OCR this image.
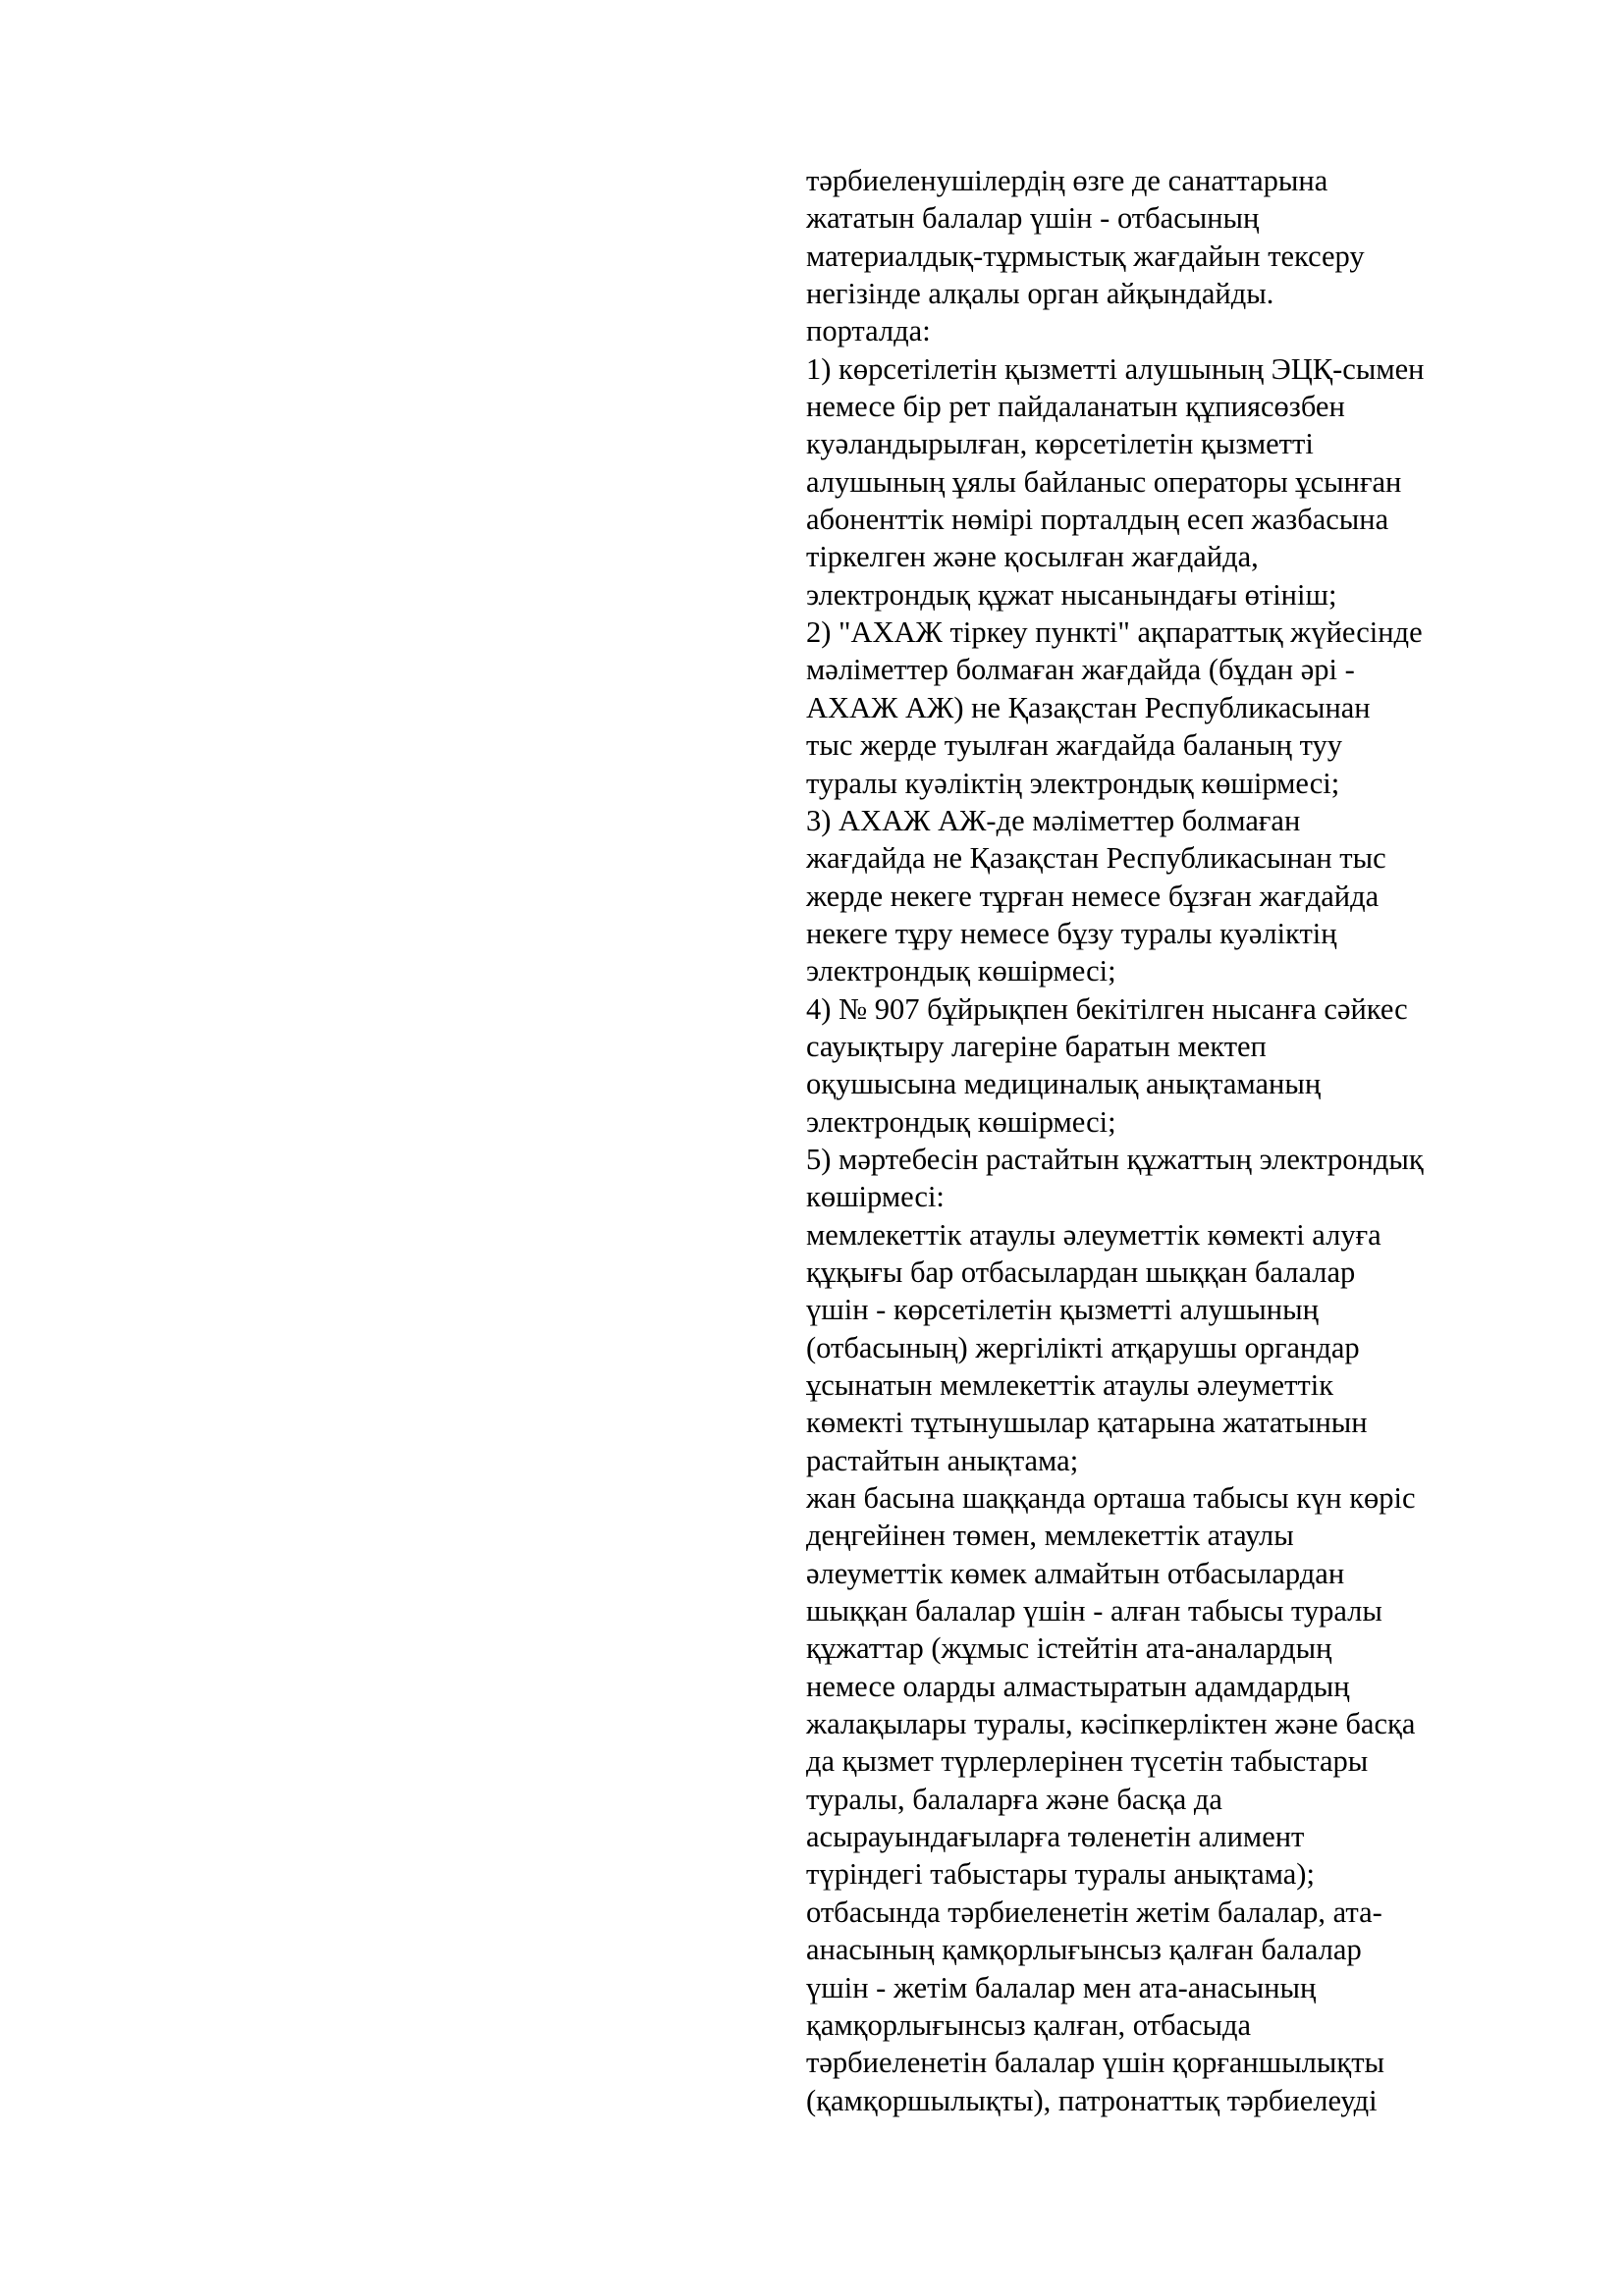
тәрбиеленушілердің өзге де санаттарына
жататын балалар үшін - отбасының
материалдық-тұрмыстық жағдайын тексеру
негізінде алқалы орган айқындайды.
порталда:
1) көрсетілетін қызметті алушының ЭЦҚ-сымен
немесе бір рет пайдаланатын құпиясөзбен
куәландырылған, көрсетілетін қызметті
алушының ұялы байланыс операторы ұсынған
абоненттік нөмірі порталдың есеп жазбасына
тіркелген және қосылған жағдайда,
электрондық құжат нысанындағы өтініш;
2) "АХАЖ тіркеу пункті" ақпараттық жүйесінде
мәліметтер болмаған жағдайда (бұдан әрі -
АХАЖ АЖ) не Қазақстан Республикасынан
тыс жерде туылған жағдайда баланың туу
туралы куәліктің электрондық көшірмесі;
3) АХАЖ АЖ-де мәліметтер болмаған
жағдайда не Қазақстан Республикасынан тыс
жерде некеге тұрған немесе бұзған жағдайда
некеге тұру немесе бұзу туралы куәліктің
электрондық көшірмесі;
4) № 907 бұйрықпен бекітілген нысанға сәйкес
сауықтыру лагеріне баратын мектеп
оқушысына медициналық анықтаманың
электрондық көшірмесі;
5) мәртебесін растайтын құжаттың электрондық
көшірмесі:
мемлекеттік атаулы әлеуметтік көмекті алуға
құқығы бар отбасылардан шыққан балалар
үшін - көрсетілетін қызметті алушының
(отбасының) жергілікті атқарушы органдар
ұсынатын мемлекеттік атаулы әлеуметтік
көмекті тұтынушылар қатарына жататынын
растайтын анықтама;
жан басына шаққанда орташа табысы күн көріс
деңгейінен төмен, мемлекеттік атаулы
әлеуметтік көмек алмайтын отбасылардан
шыққан балалар үшін - алған табысы туралы
құжаттар (жұмыс істейтін ата-аналардың
немесе оларды алмастыратын адамдардың
жалақылары туралы, кәсіпкерліктен және басқа
да қызмет түрлерлерінен түсетін табыстары
туралы, балаларға және басқа да
асырауындағыларға төленетін алимент
түріндегі табыстары туралы анықтама);
отбасында тәрбиеленетін жетім балалар, ата-
анасының қамқорлығынсыз қалған балалар
үшін - жетім балалар мен ата-анасының
қамқорлығынсыз қалған, отбасыда
тәрбиеленетін балалар үшін қорғаншылықты
(қамқоршылықты), патронаттық тәрбиелеуді
